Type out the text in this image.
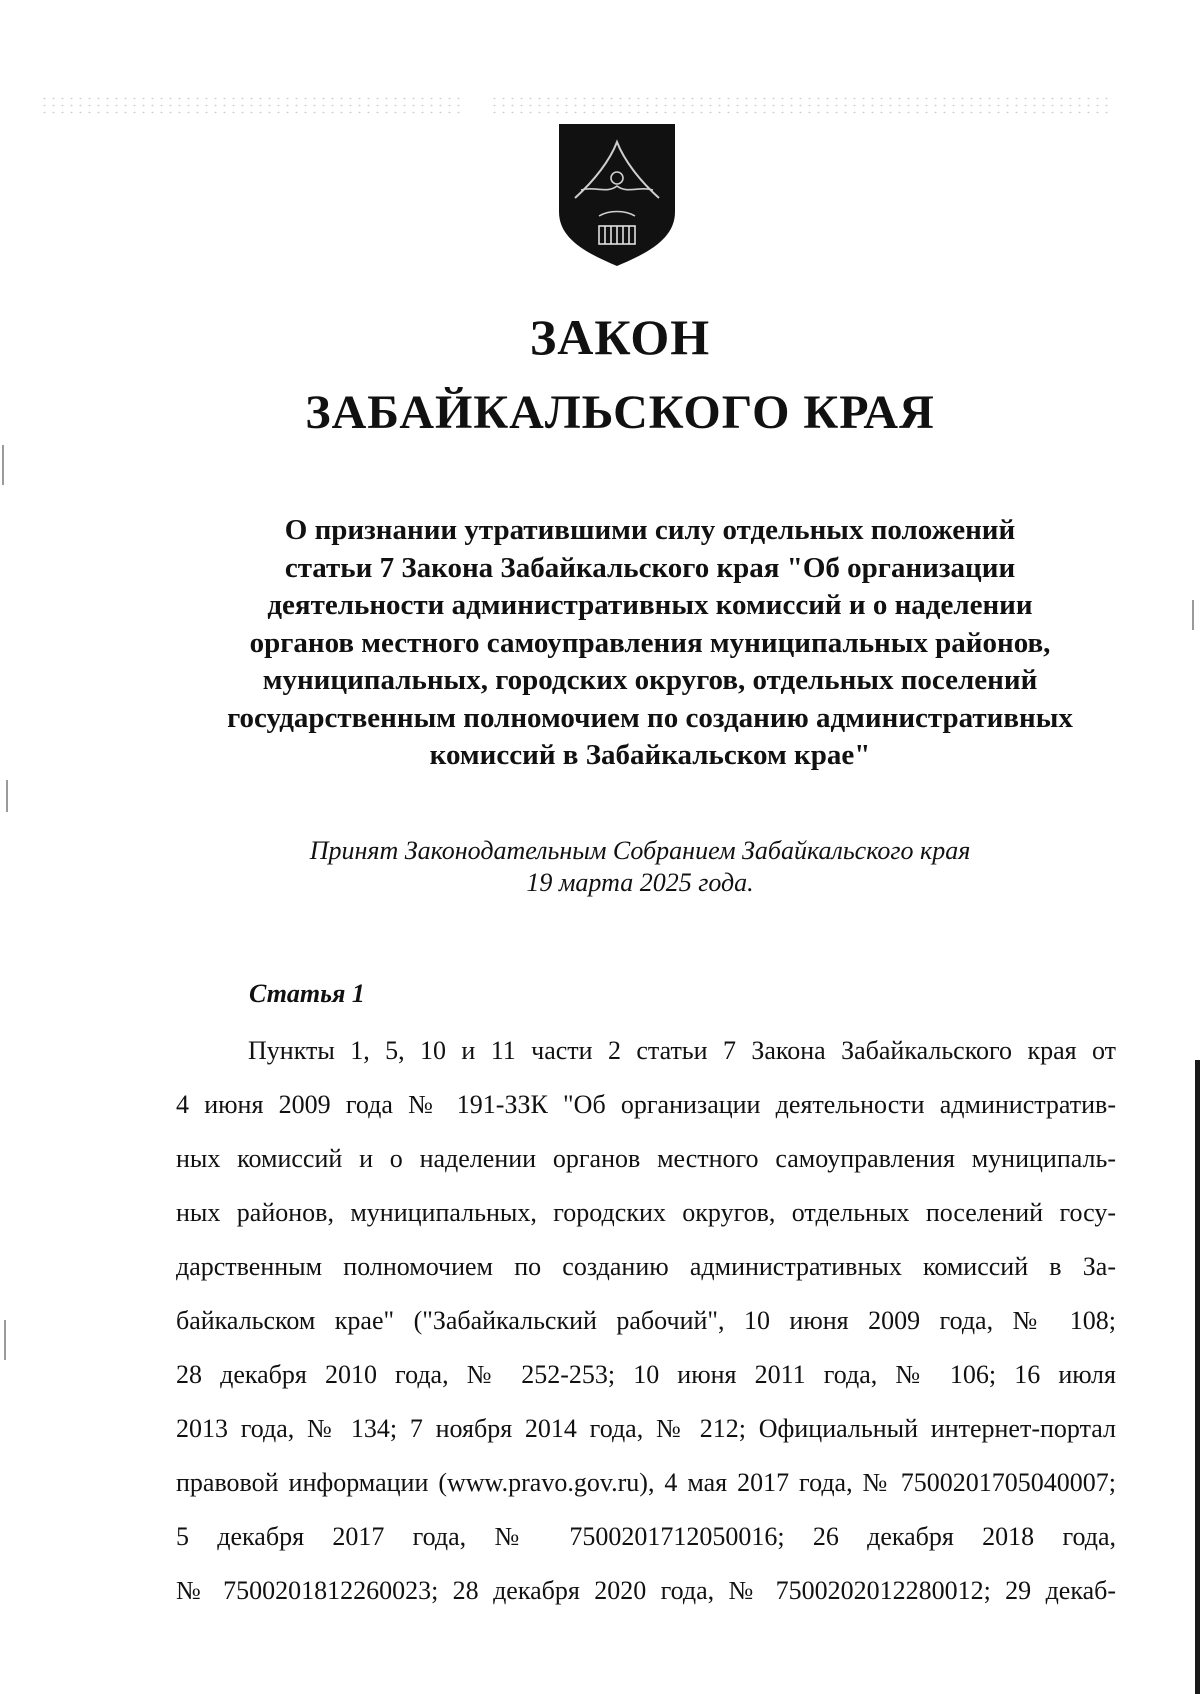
ЗАКОН
ЗАБАЙКАЛЬСКОГО КРАЯ
О признании утратившими силу отдельных положений
статьи 7 Закона Забайкальского края "Об организации
деятельности административных комиссий и о наделении
органов местного самоуправления муниципальных районов,
муниципальных, городских округов, отдельных поселений
государственным полномочием по созданию административных
комиссий в Забайкальском крае"
Принят Законодательным Собранием Забайкальского края
19 марта 2025 года.
Статья 1
Пункты 1, 5, 10 и 11 части 2 статьи 7 Закона Забайкальского края от
4 июня 2009 года № 191-ЗЗК "Об организации деятельности административ-
ных комиссий и о наделении органов местного самоуправления муниципаль-
ных районов, муниципальных, городских округов, отдельных поселений госу-
дарственным полномочием по созданию административных комиссий в За-
байкальском крае" ("Забайкальский рабочий", 10 июня 2009 года, № 108;
28 декабря 2010 года, № 252-253; 10 июня 2011 года, № 106; 16 июля
2013 года, № 134; 7 ноября 2014 года, № 212; Официальный интернет-портал
правовой информации (www.pravo.gov.ru), 4 мая 2017 года, № 7500201705040007;
5 декабря 2017 года, № 7500201712050016; 26 декабря 2018 года,
№ 7500201812260023; 28 декабря 2020 года, № 7500202012280012; 29 декаб-
